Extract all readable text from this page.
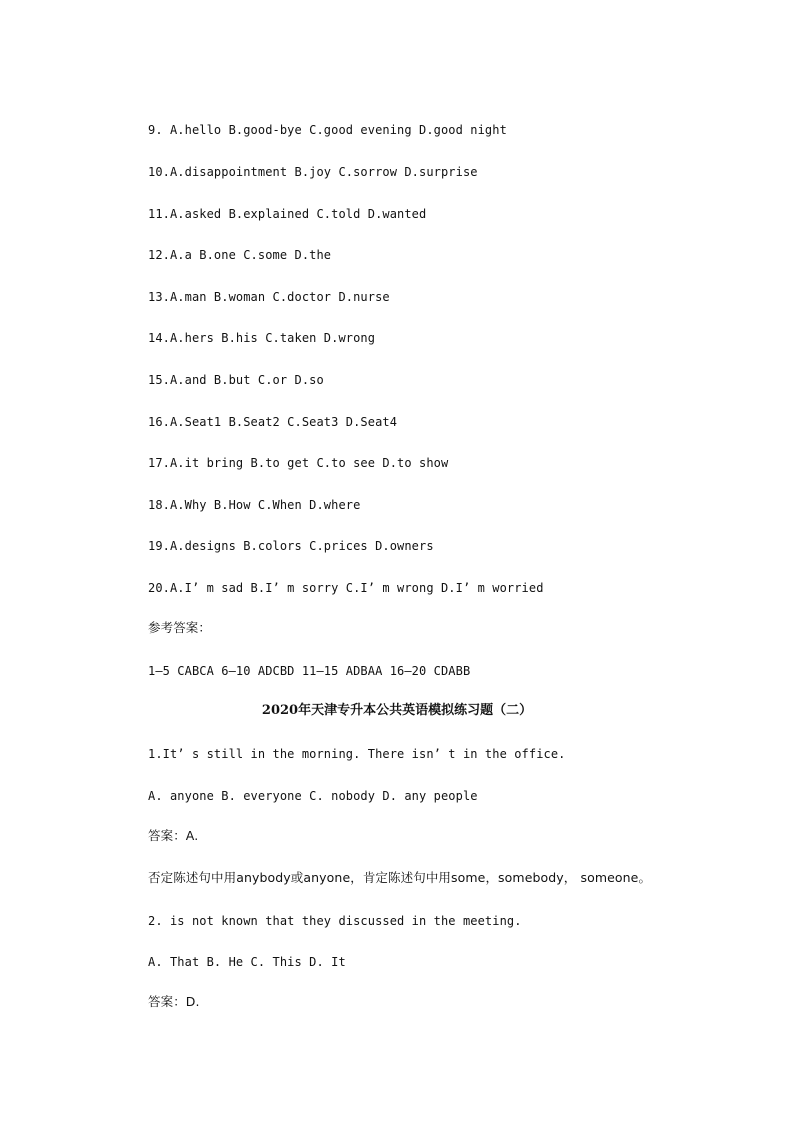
9. A.hello B.good-bye C.good evening D.good night
10.A.disappointment B.joy C.sorrow D.surprise
11.A.asked B.explained C.told D.wanted
12.A.a B.one C.some D.the
13.A.man B.woman C.doctor D.nurse
14.A.hers B.his C.taken D.wrong
15.A.and B.but C.or D.so
16.A.Seat1 B.Seat2 C.Seat3 D.Seat4
17.A.it bring B.to get C.to see D.to show
18.A.Why B.How C.When D.where
19.A.designs B.colors C.prices D.owners
20.A.I’ m sad B.I’ m sorry C.I’ m wrong D.I’ m worried
参考答案：
1—5 CABCA 6—10 ADCBD 11—15 ADBAA 16—20 CDABB
2020年天津专升本公共英语模拟练习题（二）
1.It’ s still in the morning. There isn’ t in the office.
A. anyone B. everyone C. nobody D. any people
答案：A.
否定陈述句中用anybody或anyone，肯定陈述句中用some，somebody， someone。
2. is not known that they discussed in the meeting.
A. That B. He C. This D. It
答案：D.
